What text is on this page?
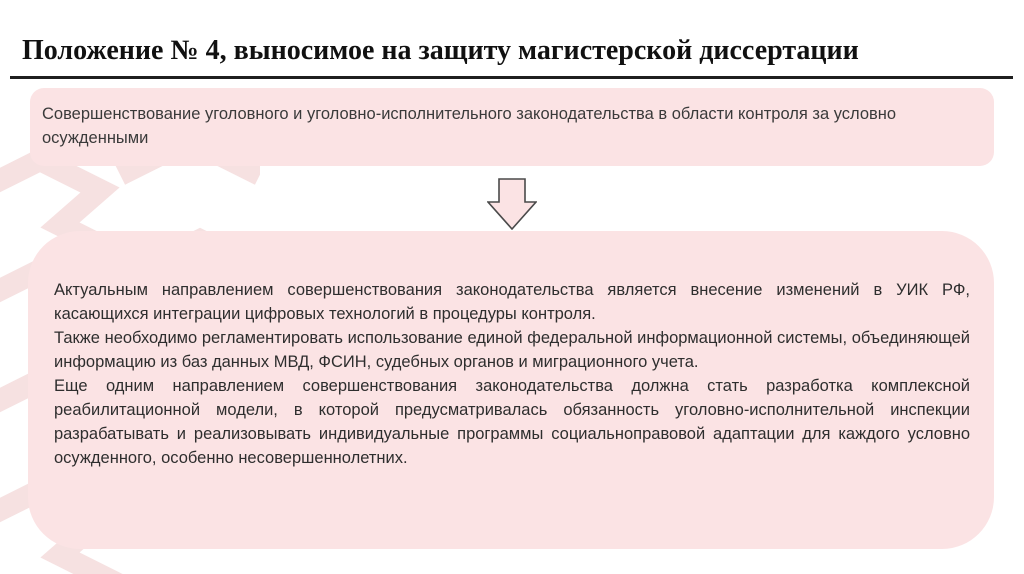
Положение № 4, выносимое на защиту магистерской диссертации

Совершенствование уголовного и уголовно-исполнительного законодательства в области контроля за условно осужденными

Актуальным направлением совершенствования законодательства является внесение изменений в УИК РФ, касающихся интеграции цифровых технологий в процедуры контроля.

Также необходимо регламентировать использование единой федеральной информационной системы, объединяющей информацию из баз данных МВД, ФСИН, судебных органов и миграционного учета.

Еще одним направлением совершенствования законодательства должна стать разработка комплексной реабилитационной модели, в которой предусматривалась обязанность уголовно-исполнительной инспекции разрабатывать и реализовывать индивидуальные программы социальноправовой адаптации для каждого условно осужденного, особенно несовершеннолетних.
